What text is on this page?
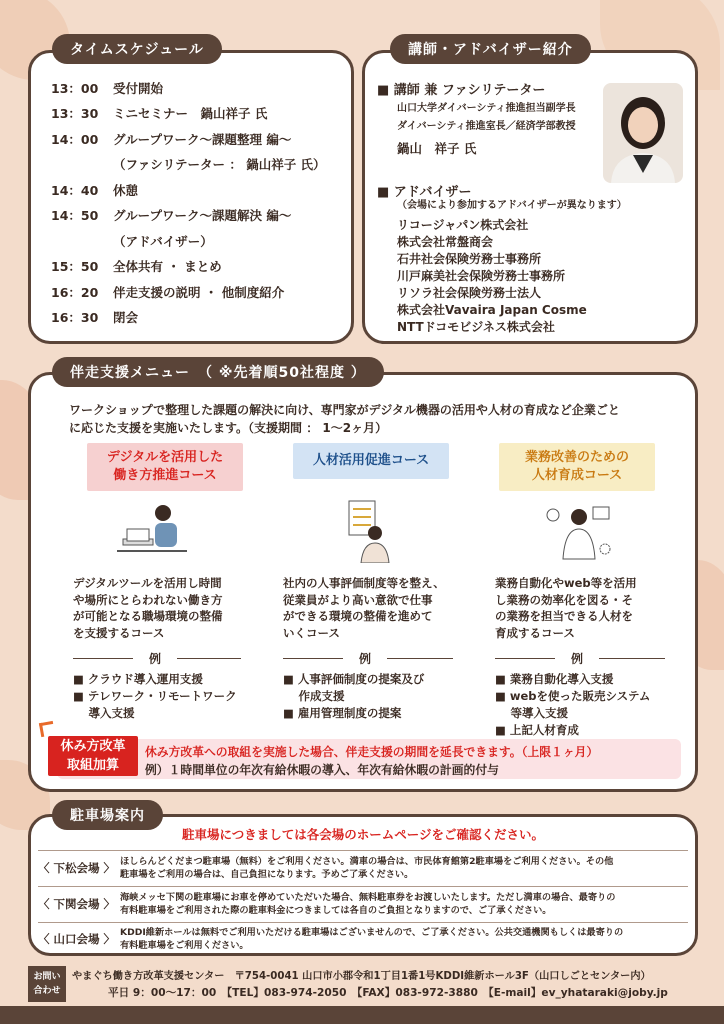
13：00	受付開始
13：30	ミニセミナー　鍋山祥子 氏
14：00	グループワーク～課題整理 編～
（ファシリテーター ： 鍋山祥子 氏）
14：40	休憩
14：50	グループワーク～課題解決 編～
（アドバイザー）
15：50	全体共有 ・ まとめ
16：20	伴走支援の説明 ・ 他制度紹介
16：30	閉会
タイムスケジュール
■ 講師 兼 ファシリテーター
山口大学ダイバーシティ推進担当副学長
ダイバーシティ推進室長／経済学部教授
鍋山　祥子 氏
■ アドバイザー
（会場により参加するアドバイザーが異なります）
リコージャパン株式会社
株式会社常盤商会
石井社会保険労務士事務所
川戸麻美社会保険労務士事務所
リソラ社会保険労務士法人
株式会社Vavaira Japan Cosme
NTTドコモビジネス株式会社
講師・アドバイザー紹介
ワークショップで整理した課題の解決に向け、専門家がデジタル機器の活用や人材の育成など企業ごと
に応じた支援を実施いたします。（支援期間 ： 1～2ヶ月）
デジタルを活用した
働き方推進コース
デジタルツールを活用し時間
や場所にとらわれない働き方
が可能となる職場環境の整備
を支援するコース
例
■ クラウド導入運用支援
■ テレワーク・リモートワーク
　 導入支援
人材活用促進コース
社内の人事評価制度等を整え、
従業員がより高い意欲で仕事
ができる環境の整備を進めて
いくコース
例
■ 人事評価制度の提案及び
　 作成支援
■ 雇用管理制度の提案
業務改善のための
人材育成コース
業務自動化やweb等を活用
し業務の効率化を図る・そ
の業務を担当できる人材を
育成するコース
例
■ 業務自動化導入支援
■ webを使った販売システム
　 等導入支援
■ 上記人材育成
休み方改革への取組を実施した場合、伴走支援の期間を延長できます。（上限１ヶ月）
例）１時間単位の年次有給休暇の導入、年次有給休暇の計画的付与
伴走支援メニュー　（ ※先着順50社程度 ）
休み方改革
取組加算
駐車場につきましては各会場のホームページをご確認ください。
〈 下松会場 〉 ほしらんどくだまつ駐車場（無料）をご利用ください。満車の場合は、市民体育館第2駐車場をご利用ください。その他
駐車場をご利用の場合は、自己負担になります。予めご了承ください。
〈 下関会場 〉 海峡メッセ下関の駐車場にお車を停めていただいた場合、無料駐車券をお渡しいたします。ただし満車の場合、最寄りの
有料駐車場をご利用された際の駐車料金につきましては各自のご負担となりますので、ご了承ください。
〈 山口会場 〉 KDDI維新ホールは無料でご利用いただける駐車場はございませんので、ご了承ください。公共交通機関もしくは最寄りの
有料駐車場をご利用ください。
駐車場案内
お問い
合わせ
やまぐち働き方改革支援センター　〒754-0041 山口市小郡令和1丁目1番1号KDDI維新ホール3F（山口しごとセンター内）
平日 9：00～17：00　【TEL】083-974-2050　【FAX】083-972-3880　【E-mail】ev_yhataraki@joby.jp
